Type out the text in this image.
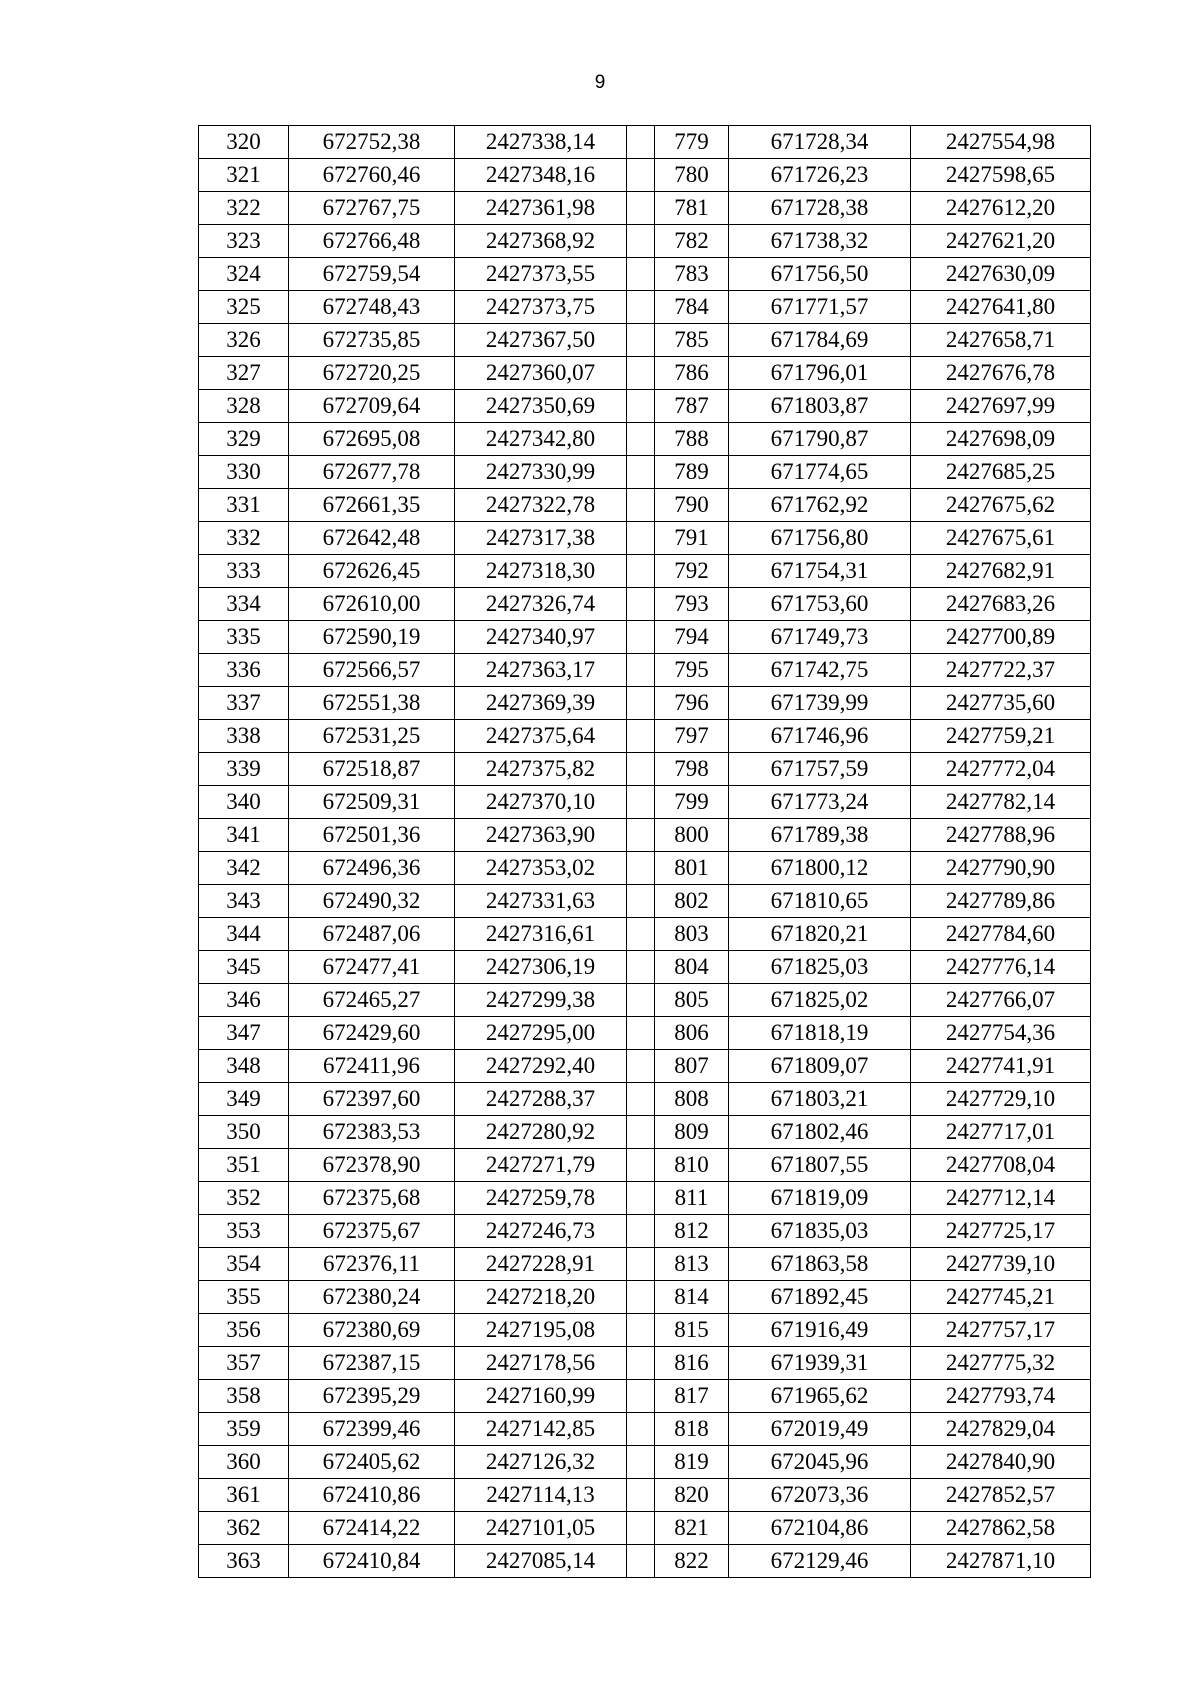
9
320	672752,38	2427338,14		779	671728,34	2427554,98
321	672760,46	2427348,16		780	671726,23	2427598,65
322	672767,75	2427361,98		781	671728,38	2427612,20
323	672766,48	2427368,92		782	671738,32	2427621,20
324	672759,54	2427373,55		783	671756,50	2427630,09
325	672748,43	2427373,75		784	671771,57	2427641,80
326	672735,85	2427367,50		785	671784,69	2427658,71
327	672720,25	2427360,07		786	671796,01	2427676,78
328	672709,64	2427350,69		787	671803,87	2427697,99
329	672695,08	2427342,80		788	671790,87	2427698,09
330	672677,78	2427330,99		789	671774,65	2427685,25
331	672661,35	2427322,78		790	671762,92	2427675,62
332	672642,48	2427317,38		791	671756,80	2427675,61
333	672626,45	2427318,30		792	671754,31	2427682,91
334	672610,00	2427326,74		793	671753,60	2427683,26
335	672590,19	2427340,97		794	671749,73	2427700,89
336	672566,57	2427363,17		795	671742,75	2427722,37
337	672551,38	2427369,39		796	671739,99	2427735,60
338	672531,25	2427375,64		797	671746,96	2427759,21
339	672518,87	2427375,82		798	671757,59	2427772,04
340	672509,31	2427370,10		799	671773,24	2427782,14
341	672501,36	2427363,90		800	671789,38	2427788,96
342	672496,36	2427353,02		801	671800,12	2427790,90
343	672490,32	2427331,63		802	671810,65	2427789,86
344	672487,06	2427316,61		803	671820,21	2427784,60
345	672477,41	2427306,19		804	671825,03	2427776,14
346	672465,27	2427299,38		805	671825,02	2427766,07
347	672429,60	2427295,00		806	671818,19	2427754,36
348	672411,96	2427292,40		807	671809,07	2427741,91
349	672397,60	2427288,37		808	671803,21	2427729,10
350	672383,53	2427280,92		809	671802,46	2427717,01
351	672378,90	2427271,79		810	671807,55	2427708,04
352	672375,68	2427259,78		811	671819,09	2427712,14
353	672375,67	2427246,73		812	671835,03	2427725,17
354	672376,11	2427228,91		813	671863,58	2427739,10
355	672380,24	2427218,20		814	671892,45	2427745,21
356	672380,69	2427195,08		815	671916,49	2427757,17
357	672387,15	2427178,56		816	671939,31	2427775,32
358	672395,29	2427160,99		817	671965,62	2427793,74
359	672399,46	2427142,85		818	672019,49	2427829,04
360	672405,62	2427126,32		819	672045,96	2427840,90
361	672410,86	2427114,13		820	672073,36	2427852,57
362	672414,22	2427101,05		821	672104,86	2427862,58
363	672410,84	2427085,14		822	672129,46	2427871,10
